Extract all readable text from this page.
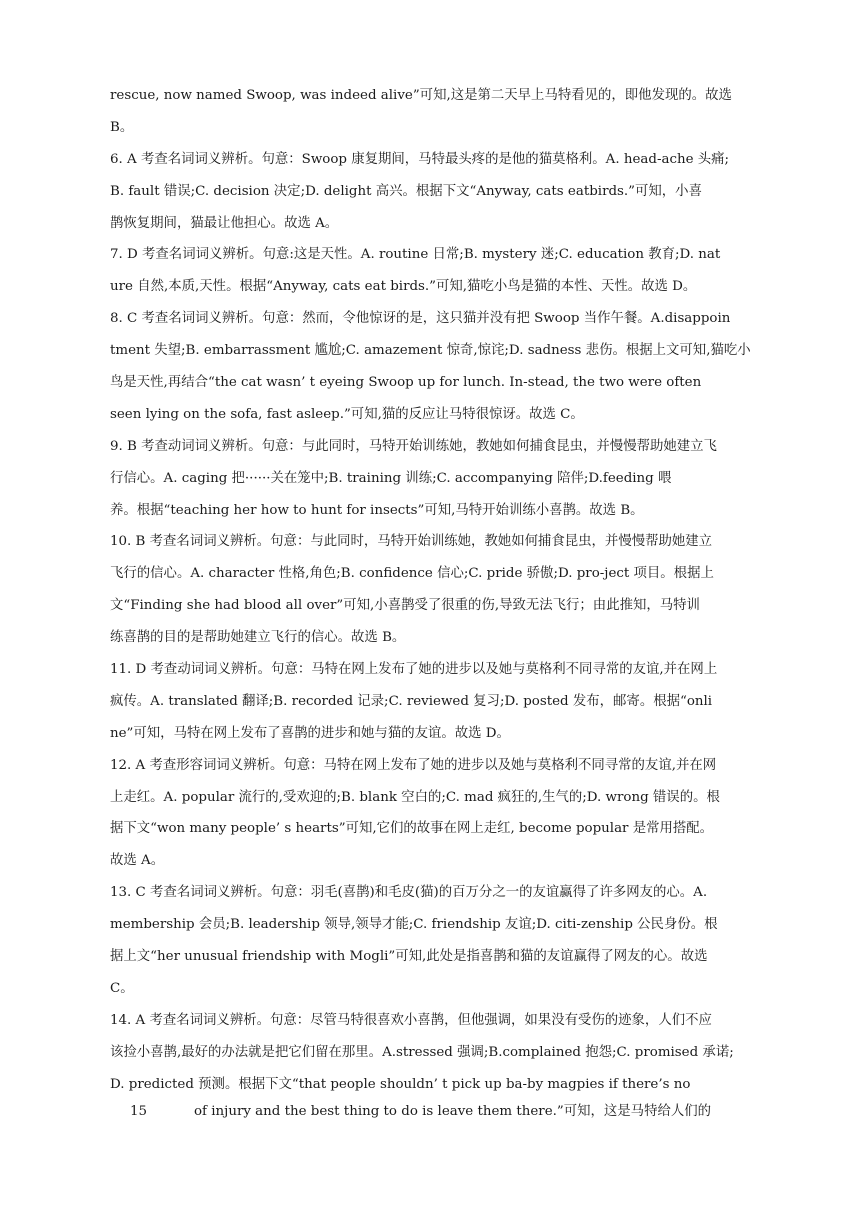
rescue, now named Swoop, was indeed alive”可知,这是第二天早上马特看见的，即他发现的。故选
B。
6. A 考查名词词义辨析。句意：Swoop 康复期间，马特最头疼的是他的猫莫格利。A. head-ache 头痛;
B. fault 错误;C. decision 决定;D. delight 高兴。根据下文“Anyway, cats eatbirds.”可知，小喜
鹊恢复期间，猫最让他担心。故选 A。
7. D 考查名词词义辨析。句意:这是天性。A. routine 日常;B. mystery 迷;C. education 教育;D. nat
ure 自然,本质,天性。根据“Anyway, cats eat birds.”可知,猫吃小鸟是猫的本性、天性。故选 D。
8. C 考查名词词义辨析。句意：然而，令他惊讶的是，这只猫并没有把 Swoop 当作午餐。A.disappoin
tment 失望;B. embarrassment 尴尬;C. amazement 惊奇,惊诧;D. sadness 悲伤。根据上文可知,猫吃小
鸟是天性,再结合“the cat wasn’ t eyeing Swoop up for lunch. In-stead, the two were often
seen lying on the sofa, fast asleep.”可知,猫的反应让马特很惊讶。故选 C。
9. B 考查动词词义辨析。句意：与此同时，马特开始训练她，教她如何捕食昆虫，并慢慢帮助她建立飞
行信心。A. caging 把······关在笼中;B. training 训练;C. accompanying 陪伴;D.feeding 喂
养。根据“teaching her how to hunt for insects”可知,马特开始训练小喜鹊。故选 B。
10. B 考查名词词义辨析。句意：与此同时，马特开始训练她，教她如何捕食昆虫，并慢慢帮助她建立
飞行的信心。A. character 性格,角色;B. confidence 信心;C. pride 骄傲;D. pro-ject 项目。根据上
文“Finding she had blood all over”可知,小喜鹊受了很重的伤,导致无法飞行；由此推知，马特训
练喜鹊的目的是帮助她建立飞行的信心。故选 B。
11. D 考查动词词义辨析。句意：马特在网上发布了她的进步以及她与莫格利不同寻常的友谊,并在网上
疯传。A. translated 翻译;B. recorded 记录;C. reviewed 复习;D. posted 发布，邮寄。根据“onli
ne”可知，马特在网上发布了喜鹊的进步和她与猫的友谊。故选 D。
12. A 考查形容词词义辨析。句意：马特在网上发布了她的进步以及她与莫格利不同寻常的友谊,并在网
上走红。A. popular 流行的,受欢迎的;B. blank 空白的;C. mad 疯狂的,生气的;D. wrong 错误的。根
据下文“won many people’ s hearts”可知,它们的故事在网上走红, become popular 是常用搭配。
故选 A。
13. C 考查名词词义辨析。句意：羽毛(喜鹊)和毛皮(猫)的百万分之一的友谊赢得了许多网友的心。A.
membership 会员;B. leadership 领导,领导才能;C. friendship 友谊;D. citi-zenship 公民身份。根
据上文“her unusual friendship with Mogli”可知,此处是指喜鹊和猫的友谊赢得了网友的心。故选
C。
14. A 考查名词词义辨析。句意：尽管马特很喜欢小喜鹊，但他强调，如果没有受伤的迹象，人们不应
该捡小喜鹊,最好的办法就是把它们留在那里。A.stressed 强调;B.complained 抱怨;C. promised 承诺;
D. predicted 预测。根据下文“that people shouldn’ t pick up ba-by magpies if there’s no
15	of injury and the best thing to do is leave them there.”可知，这是马特给人们的
